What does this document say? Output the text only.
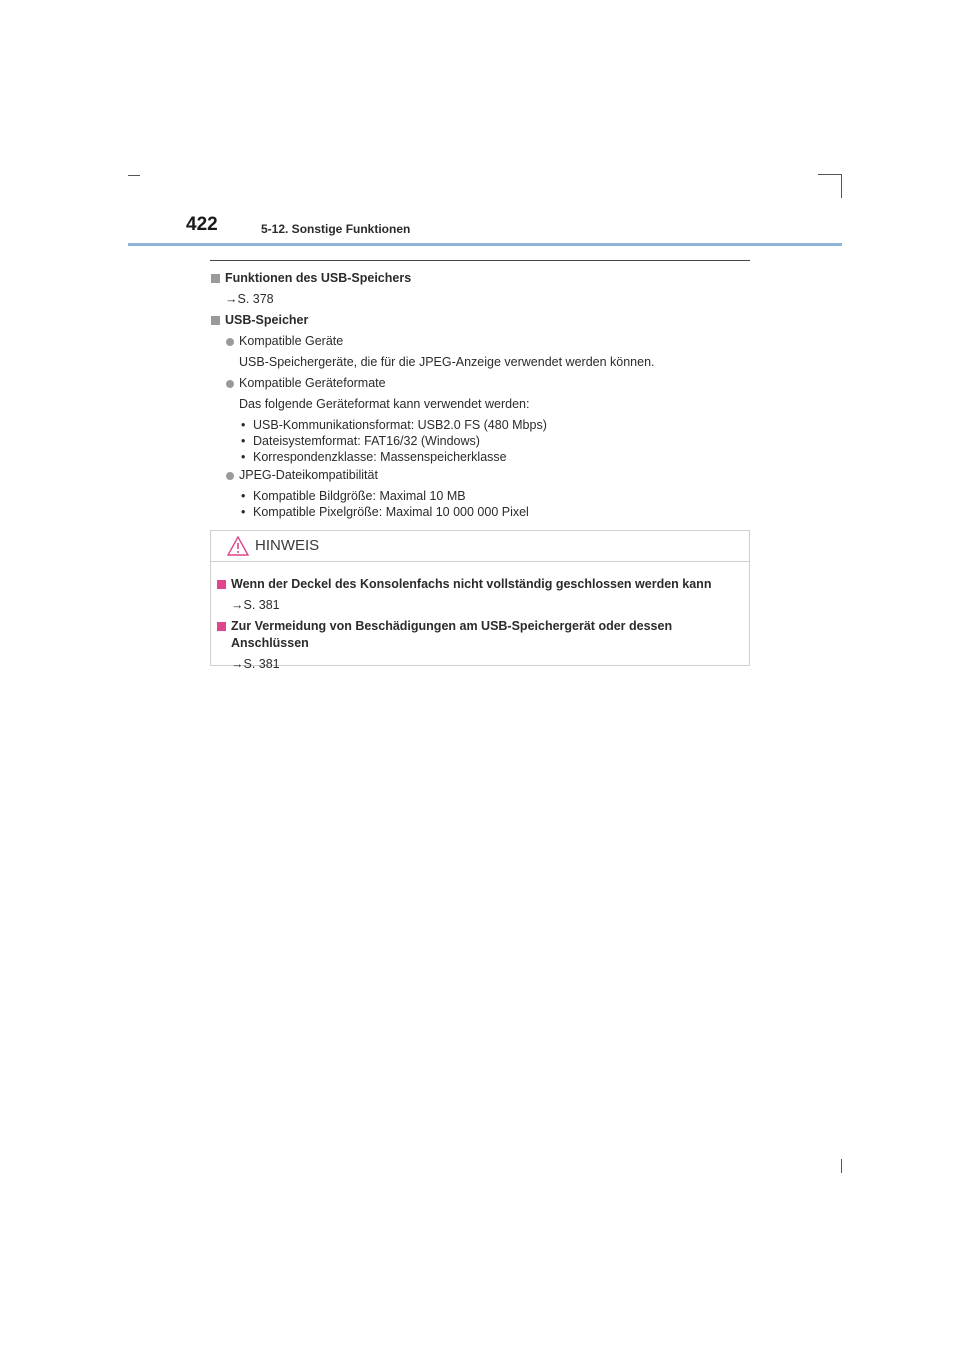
422	5-12. Sonstige Funktionen
Funktionen des USB-Speichers
→S. 378
USB-Speicher
Kompatible Geräte
USB-Speichergeräte, die für die JPEG-Anzeige verwendet werden können.
Kompatible Geräteformate
Das folgende Geräteformat kann verwendet werden:
• USB-Kommunikationsformat: USB2.0 FS (480 Mbps)
• Dateisystemformat: FAT16/32 (Windows)
• Korrespondenzklasse: Massenspeicherklasse
JPEG-Dateikompatibilität
• Kompatible Bildgröße: Maximal 10 MB
• Kompatible Pixelgröße: Maximal 10 000 000 Pixel
HINWEIS
Wenn der Deckel des Konsolenfachs nicht vollständig geschlossen werden kann
→S. 381
Zur Vermeidung von Beschädigungen am USB-Speichergerät oder dessen Anschlüssen
→S. 381
